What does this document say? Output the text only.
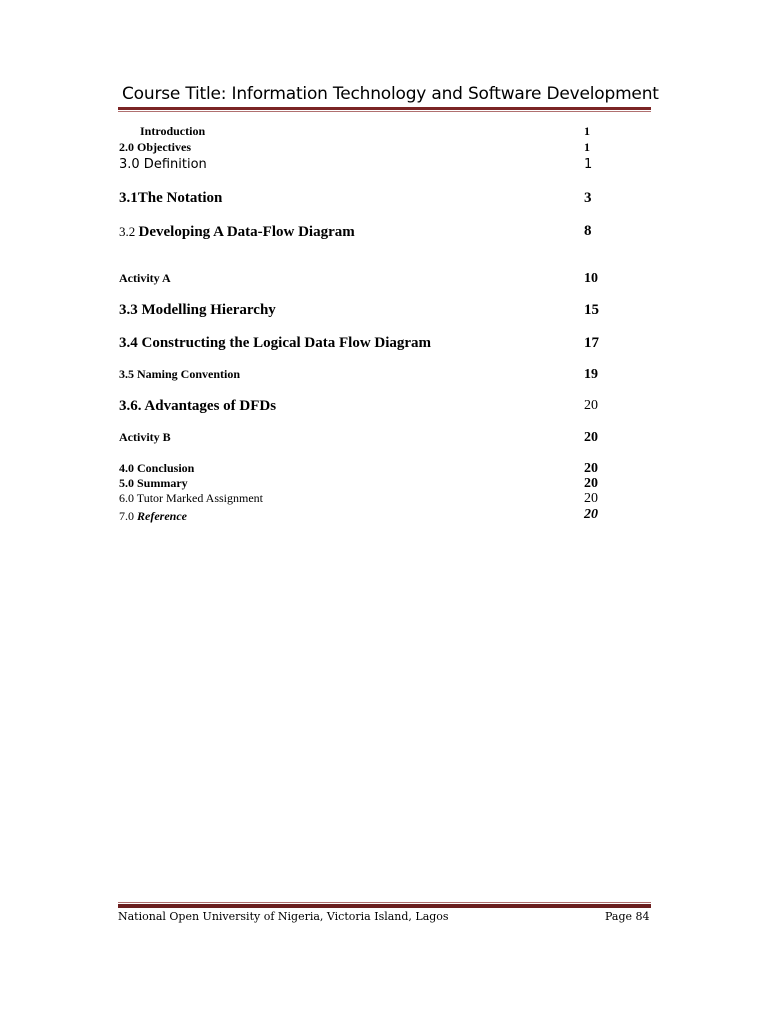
Course Title: Information Technology and Software Development
Introduction	1
2.0 Objectives	1
3.0 Definition	1
3.1The Notation	3
3.2 Developing A Data-Flow Diagram	8
Activity A	10
3.3 Modelling Hierarchy	15
3.4 Constructing the Logical Data Flow Diagram	17
3.5 Naming Convention	19
3.6. Advantages of DFDs	20
Activity B	20
4.0 Conclusion	20
5.0 Summary	20
6.0 Tutor Marked Assignment	20
7.0 Reference	20
National Open University of Nigeria, Victoria Island, Lagos	Page 84
